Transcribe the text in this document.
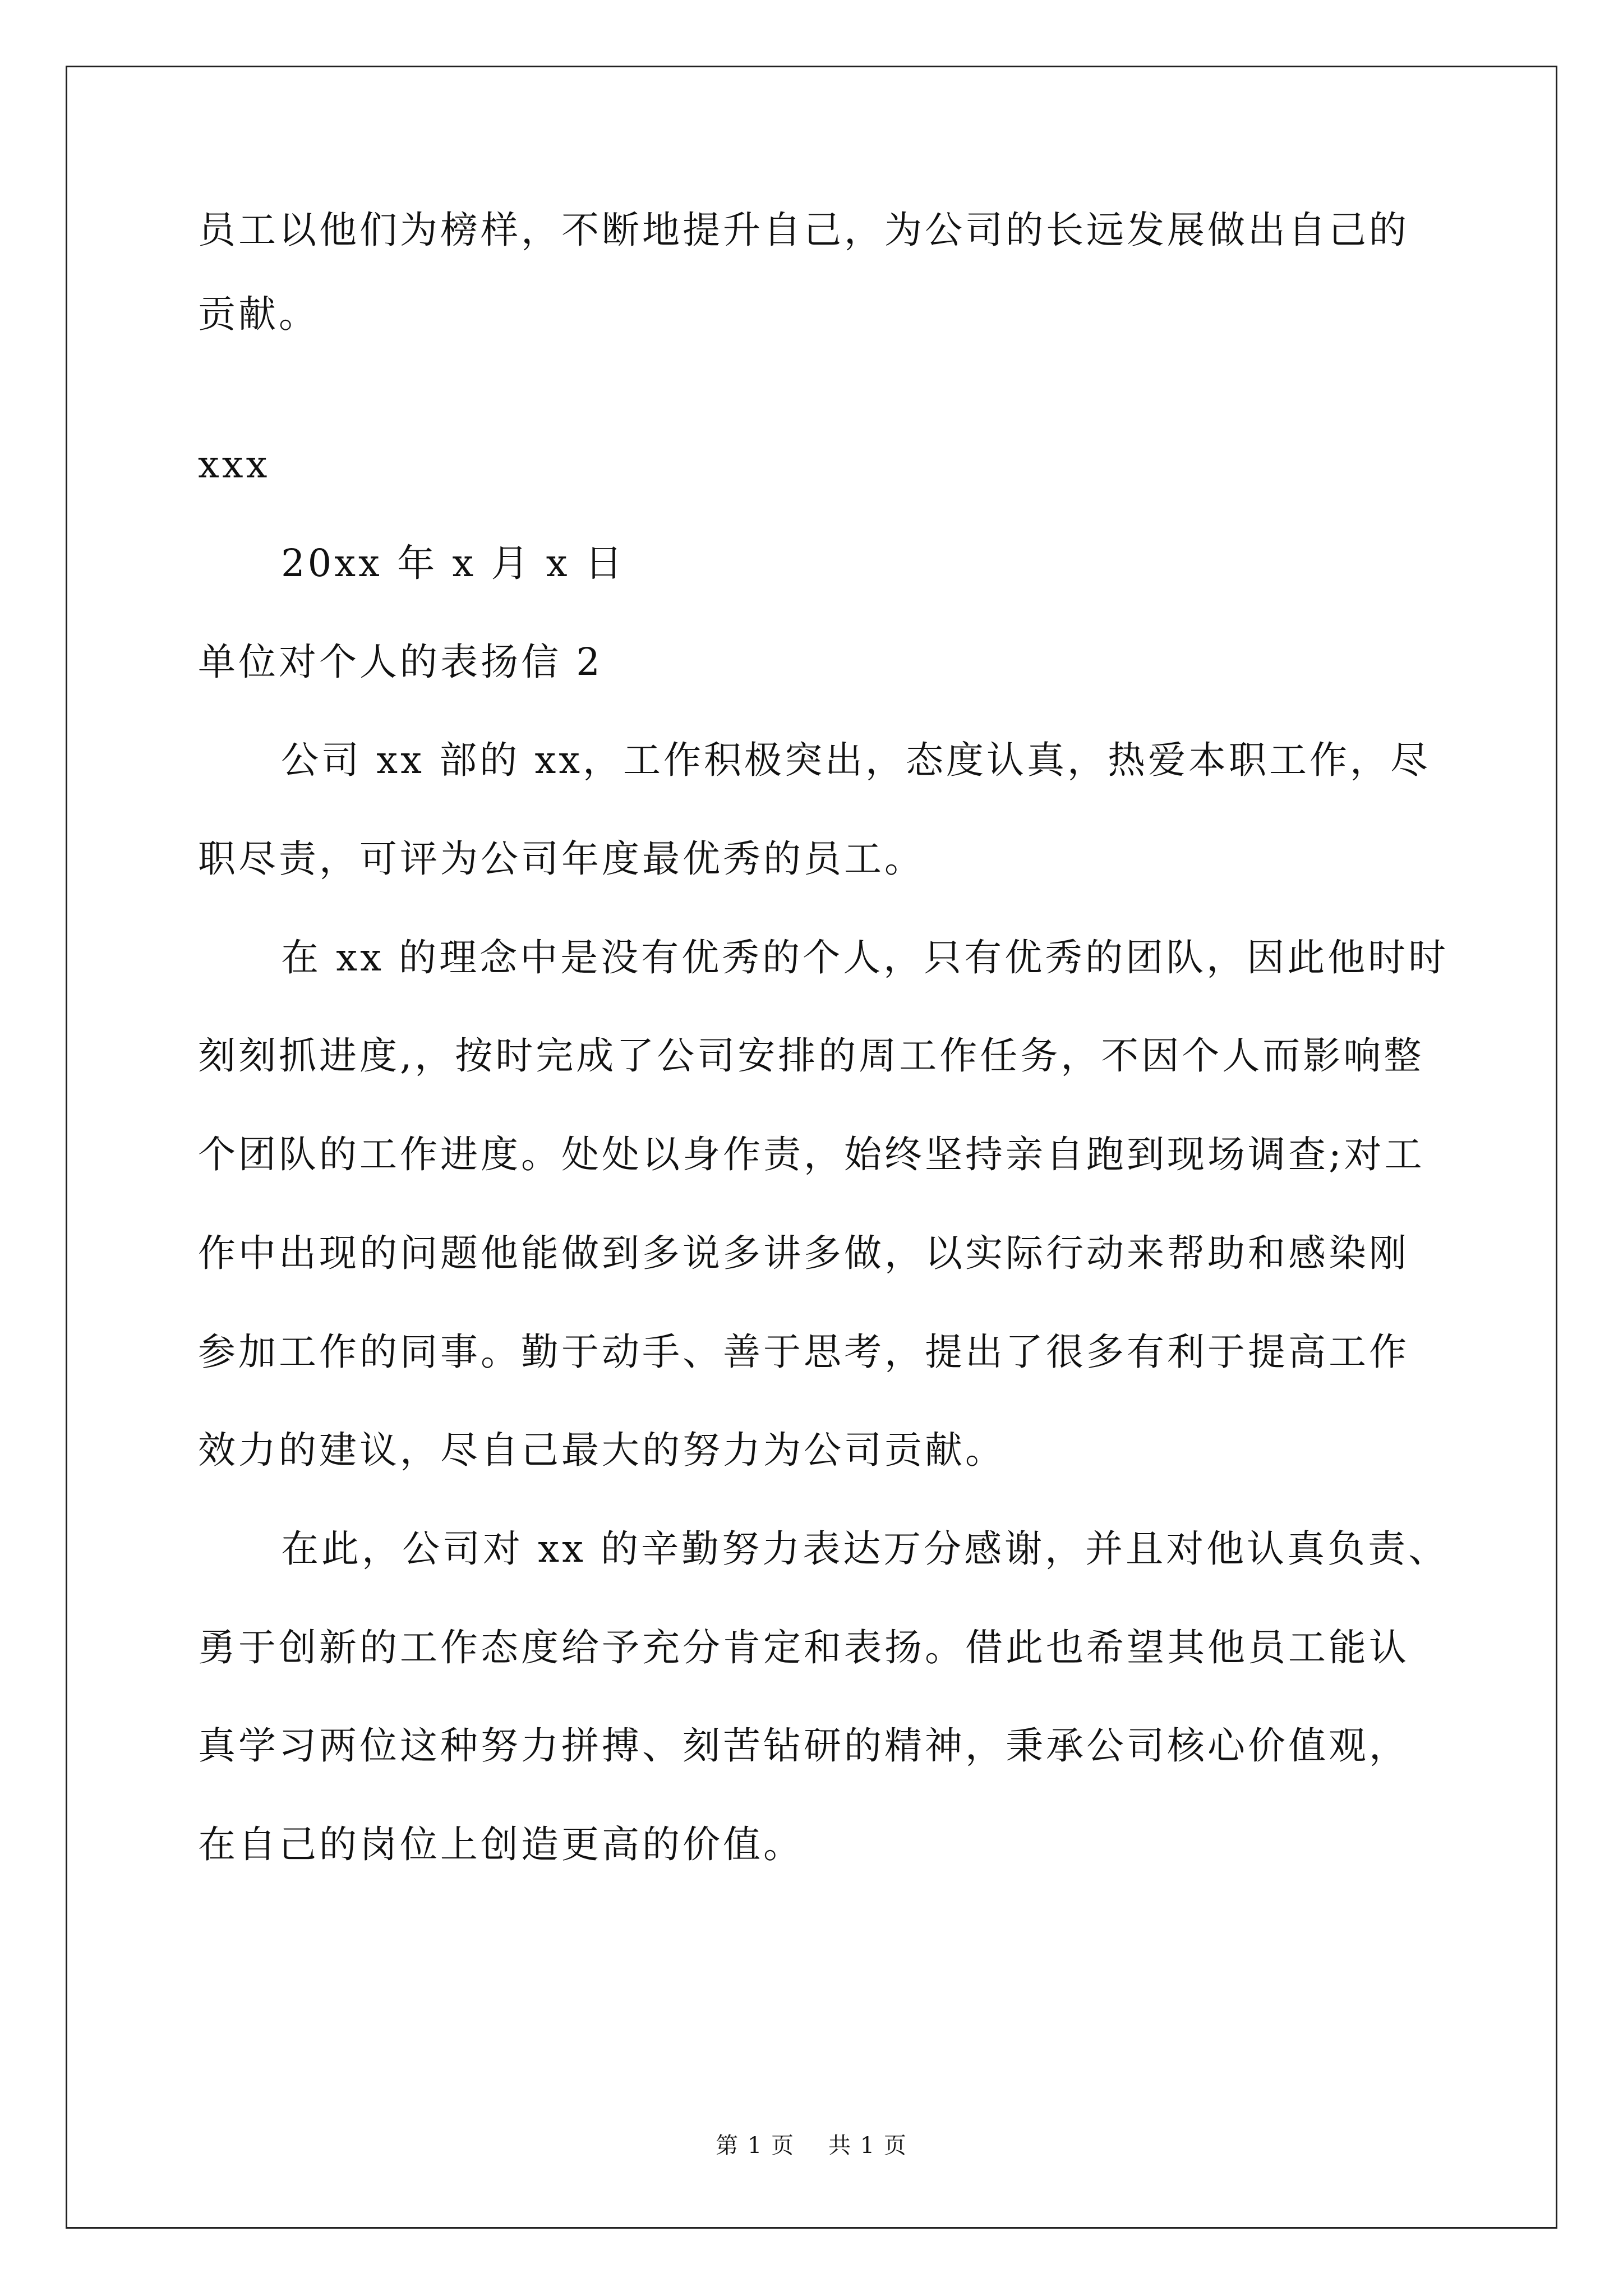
员工以他们为榜样，不断地提升自己，为公司的长远发展做出自己的
贡献。
xxx
20xx 年 x 月 x 日
单位对个人的表扬信 2
公司 xx 部的 xx，工作积极突出，态度认真，热爱本职工作，尽
职尽责，可评为公司年度最优秀的员工。
在 xx 的理念中是没有优秀的个人，只有优秀的团队，因此他时时
刻刻抓进度,，按时完成了公司安排的周工作任务，不因个人而影响整
个团队的工作进度。处处以身作责，始终坚持亲自跑到现场调查;对工
作中出现的问题他能做到多说多讲多做，以实际行动来帮助和感染刚
参加工作的同事。勤于动手、善于思考，提出了很多有利于提高工作
效力的建议，尽自己最大的努力为公司贡献。
在此，公司对 xx 的辛勤努力表达万分感谢，并且对他认真负责、
勇于创新的工作态度给予充分肯定和表扬。借此也希望其他员工能认
真学习两位这种努力拼搏、刻苦钻研的精神，秉承公司核心价值观，
在自己的岗位上创造更高的价值。
第 1 页 共 1 页
